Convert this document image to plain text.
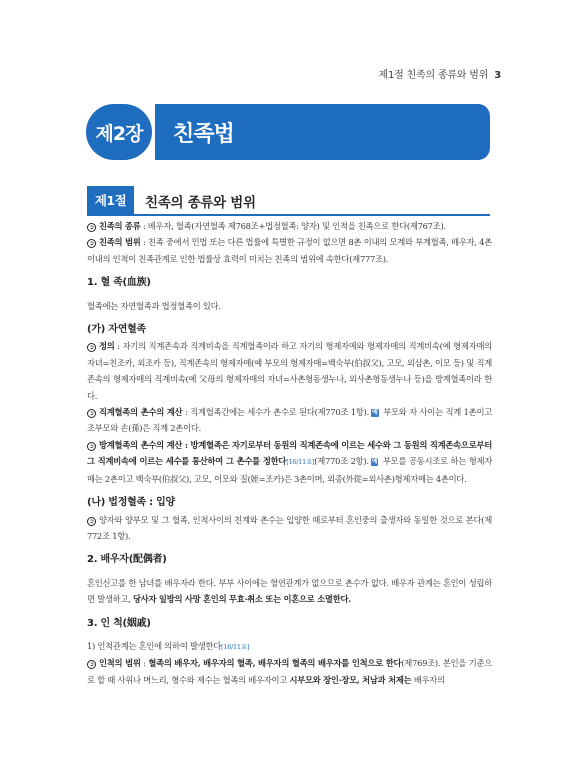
제1절 친족의 종류와 범위 3
제2장	친족법
제1절	친족의 종류와 범위

➲ 친족의 종류 : 배우자, 혈족(자연혈족 제768조+법정혈족: 양자) 및 인척을 친족으로 한다(제767조).

➲ 친족의 범위 : 친족 중에서 민법 또는 다른 법률에 특별한 규정이 없으면 8촌 이내의 모계와 부계혈족, 배우자, 4촌 이내의 인척이 친족관계로 인한 법률상 효력이 미치는 친족의 범위에 속한다(제777조).

1. 혈 족(血族)

혈족에는 자연혈족과 법정혈족이 있다.

(가) 자연혈족

➲ 정의 : 자기의 직계존속과 직계비속을 직계혈족이라 하고 자기의 형제자매와 형제자매의 직계비속(예 형제자매의 자녀=친조카, 외조카 등), 직계존속의 형제자매(예 부모의 형제자매=백숙부(伯叔父), 고모, 외삼촌, 이모 등) 및 직계존속의 형제자매의 직계비속(예 父母의 형제자매의 자녀=사촌형동생누나, 외사촌형동생누나 등)을 방계혈족이라 한다.

➲ 직계혈족의 촌수의 계산 : 직계혈족간에는 세수가 촌수로 된다(제770조 1항). 예 부모와 자 사이는 직계 1촌이고 조부모와 손(孫)은 직계 2촌이다.

➲ 방계혈족의 촌수의 계산 : 방계혈족은 자기로부터 동원의 직계존속에 이르는 세수와 그 동원의 직계존속으로부터 그 직계비속에 이르는 세수를 통산하여 그 촌수를 정한다[16/11포](제770조 2항). 예 부모를 공동시조로 하는 형제자매는 2촌이고 백숙부(伯叔父), 고모, 이모와 질(姪=조카)은 3촌이며, 외종(外從=외사촌)형제자매는 4촌이다.

(나) 법정혈족 : 입양

➲ 양자와 양부모 및 그 혈족, 인척사이의 친계와 촌수는 입양한 때로부터 혼인중의 출생자와 동일한 것으로 본다(제772조 1항).

2. 배우자(配偶者)

혼인신고를 한 남녀를 배우자라 한다. 부부 사이에는 혈연관계가 없으므로 촌수가 없다. 배우자 관계는 혼인이 성립하면 발생하고, 당사자 일방의 사망 혼인의 무효·취소 또는 이혼으로 소멸한다.

3. 인 척(姻戚)

1) 인척관계는 혼인에 의하여 발생한다[16/11포]

➲ 인척의 범위 : 혈족의 배우자, 배우자의 혈족, 배우자의 혈족의 배우자를 인척으로 한다(제769조). 본인을 기준으로 할 때 사위나 며느리, 형수와 제수는 혈족의 배우자이고 시부모와 장인·장모, 처남과 처제는 배우자의
